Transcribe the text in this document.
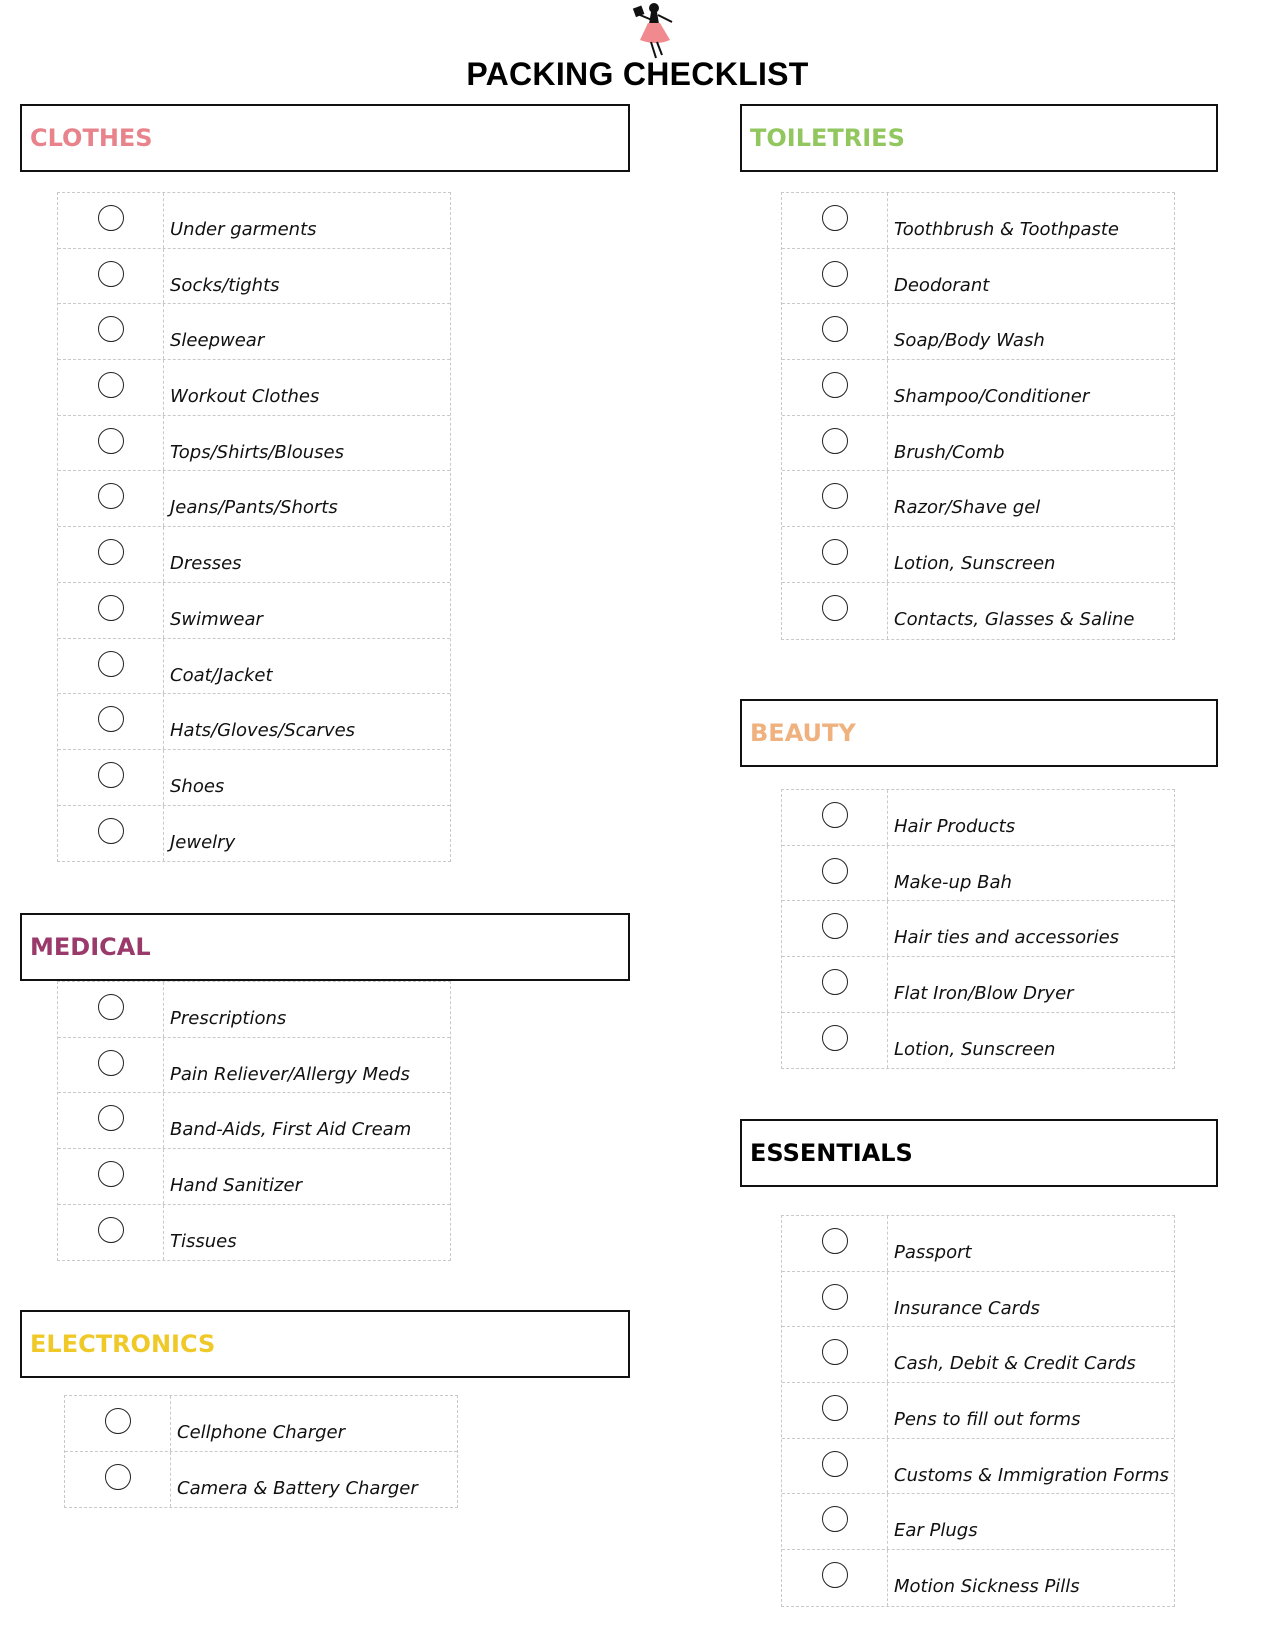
PACKING CHECKLIST
CLOTHES
Under garments
Socks/tights
Sleepwear
Workout Clothes
Tops/Shirts/Blouses
Jeans/Pants/Shorts
Dresses
Swimwear
Coat/Jacket
Hats/Gloves/Scarves
Shoes
Jewelry
MEDICAL
Prescriptions
Pain Reliever/Allergy Meds
Band-Aids, First Aid Cream
Hand Sanitizer
Tissues
ELECTRONICS
Cellphone Charger
Camera & Battery Charger
TOILETRIES
Toothbrush & Toothpaste
Deodorant
Soap/Body Wash
Shampoo/Conditioner
Brush/Comb
Razor/Shave gel
Lotion, Sunscreen
Contacts, Glasses & Saline
BEAUTY
Hair Products
Make-up Bah
Hair ties and accessories
Flat Iron/Blow Dryer
Lotion, Sunscreen
ESSENTIALS
Passport
Insurance Cards
Cash, Debit & Credit Cards
Pens to fill out forms
Customs & Immigration Forms
Ear Plugs
Motion Sickness Pills
